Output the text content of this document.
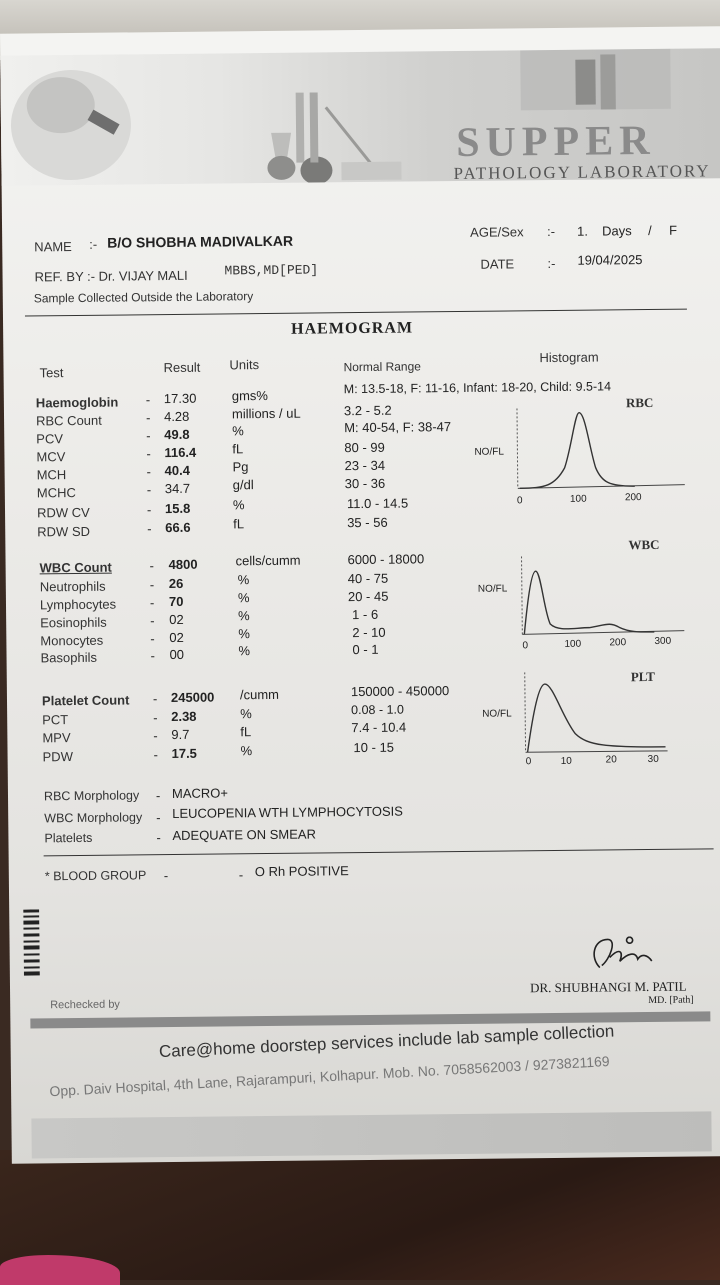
SUPPER
PATHOLOGY LABORATORY
NAME :- B/O SHOBHA MADIVALKAR
AGE/Sex :- 1. Days / F
REF. BY :- Dr. VIJAY MALI	MBBS,MD[PED]	DATE	:- 19/04/2025
Sample Collected Outside the Laboratory
HAEMOGRAM
Test	Result Units	Normal Range
Histogram
Haemoglobin - 17.30	gms%	M: 13.5-18, F: 11-16, Infant: 18-20, Child: 9.5-14
RBC Count	- 4.28	millions / uL	3.2 - 5.2
PCV	- 49.8	%	M: 40-54, F: 38-47
MCV	- 116.4	fL	80 - 99
MCH	- 40.4	Pg	23 - 34
MCHC	- 34.7	g/dl	30 - 36
RDW CV	- 15.8	%	11.0 - 14.5
RDW SD	- 66.6	fL	35 - 56
WBC Count	- 4800	cells/cumm	6000 - 18000
Neutrophils	- 26	%	40 - 75
Lymphocytes	- 70	%	20 - 45
Eosinophils	- 02	%	1 - 6
Monocytes	- 02	%	2 - 10
Basophils	- 00	%	0 - 1
Platelet Count - 245000 /cumm	150000 - 450000
PCT	- 2.38	%	0.08 - 1.0
MPV	- 9.7	fL	7.4 - 10.4
PDW	- 17.5	%	10 - 15
RBC
NO/FL
0	100	200
WBC
NO/FL
0	100	200	300
PLT
NO/FL
0	10	20	30
RBC Morphology - MACRO+
WBC Morphology - LEUCOPENIA WTH LYMPHOCYTOSIS
Platelets	- ADEQUATE ON SMEAR
* BLOOD GROUP -	- O Rh POSITIVE
Rechecked by
DR. SHUBHANGI M. PATIL
MD. [Path]
Care@home doorstep services include lab sample collection
Opp. Daiv Hospital, 4th Lane, Rajarampuri, Kolhapur. Mob. No. 7058562003 / 9273821169
